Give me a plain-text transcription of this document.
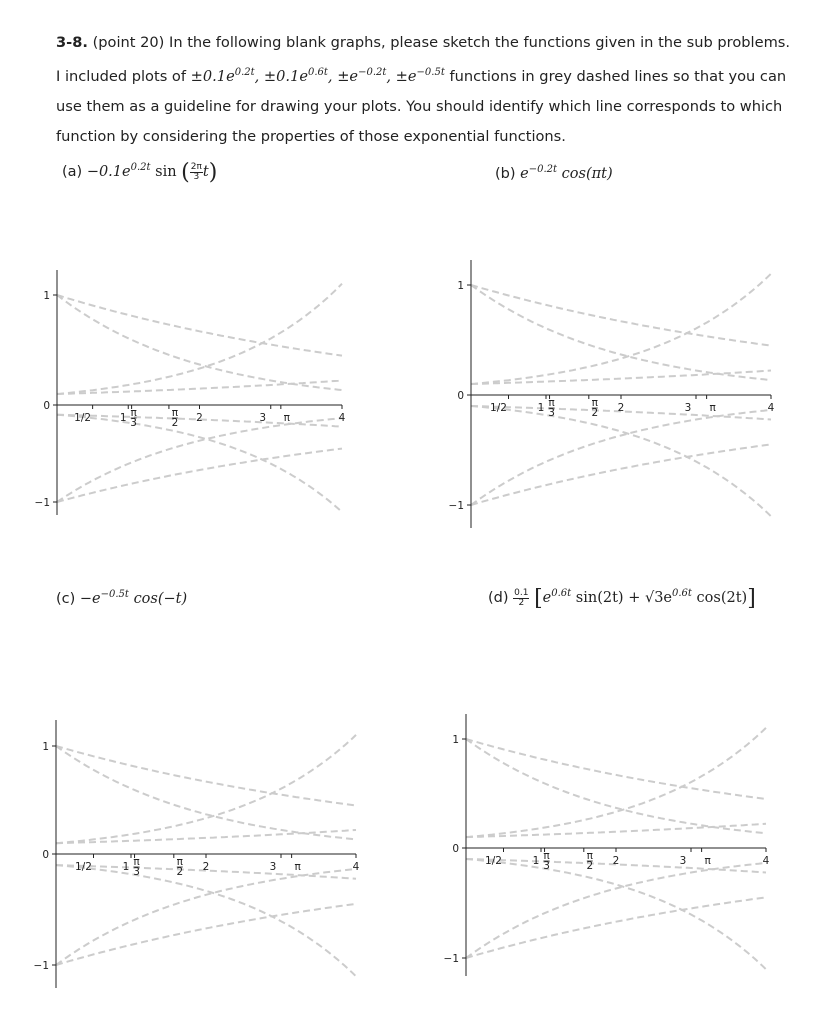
3-8. (point 20) In the following blank graphs, please sketch the functions given in the sub problems.
I included plots of $\pm 0.1e^{0.2t}$, $\pm 0.1e^{0.6t}$, $\pm e^{-0.2t}$, $\pm e^{-0.5t}$ functions in grey dashed lines so that you can
use them as a guideline for drawing your plots. You should identify which line corresponds to which
function by considering the properties of those exponential functions.
$(a) -0.1e^{0.2t}$ sin ( $\frac{2\pi}{3} t$)	(b) $e^{-0.2t}$ cos(πt)
$(c) -e^{-0.5t}$ cos(−t)	$(d) \frac{0.1}{2} [e^{0.6t}$ $\sin(2t) + √3e^{0.6t}$ cos(2t)]
1
0
−1
1/2	1 π
3
π
2 2	3 π	4
1
0
−1
1/2	1 π
3
π
2 2	3 π	4
1
0
−1
1/2	1 π
3
π
2 2	3 π	4
1
0
−1
1/2	1 π
3
π
2 2	3 π	4
